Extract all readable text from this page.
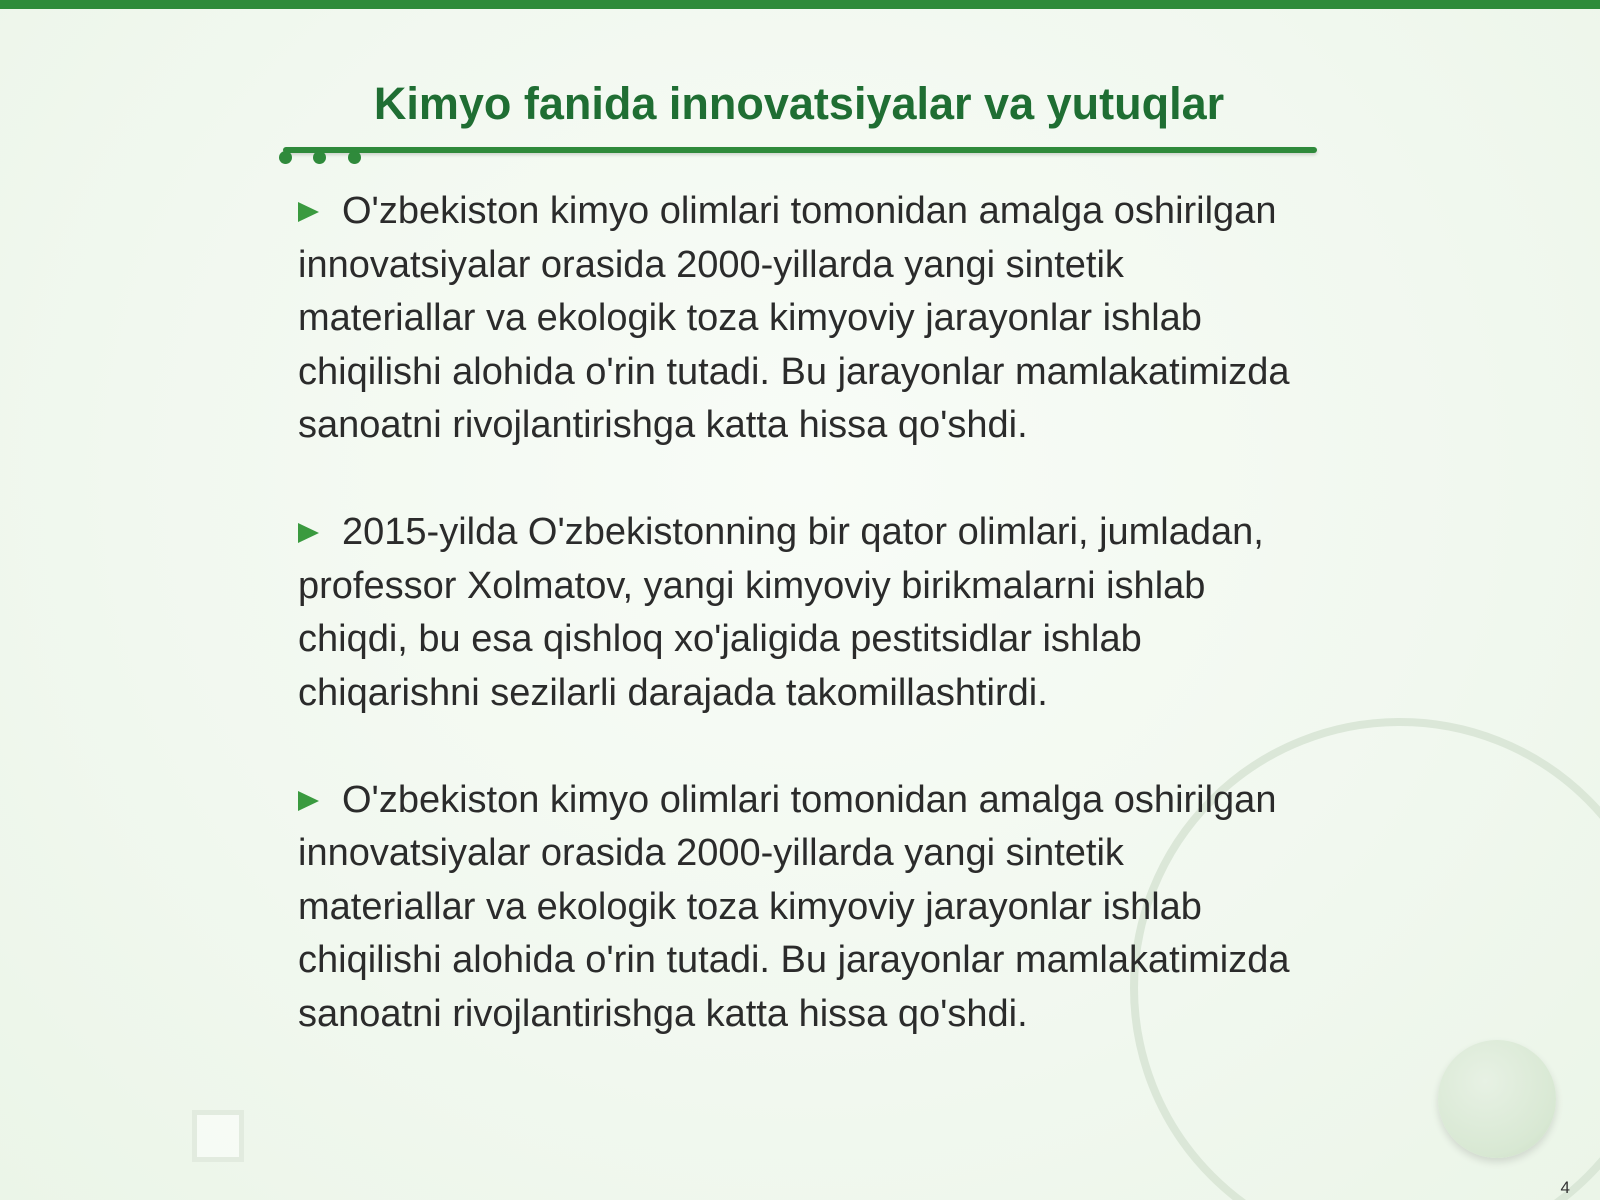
Kimyo fanida innovatsiyalar va yutuqlar

O'zbekiston kimyo olimlari tomonidan amalga oshirilgan innovatsiyalar orasida 2000-yillarda yangi sintetik materiallar va ekologik toza kimyoviy jarayonlar ishlab chiqilishi alohida o'rin tutadi. Bu jarayonlar mamlakatimizda sanoatni rivojlantirishga katta hissa qo'shdi.

2015-yilda O'zbekistonning bir qator olimlari, jumladan, professor Xolmatov, yangi kimyoviy birikmalarni ishlab chiqdi, bu esa qishloq xo'jaligida pestitsidlar ishlab chiqarishni sezilarli darajada takomillashtirdi.

O'zbekiston kimyo olimlari tomonidan amalga oshirilgan innovatsiyalar orasida 2000-yillarda yangi sintetik materiallar va ekologik toza kimyoviy jarayonlar ishlab chiqilishi alohida o'rin tutadi. Bu jarayonlar mamlakatimizda sanoatni rivojlantirishga katta hissa qo'shdi.

4
